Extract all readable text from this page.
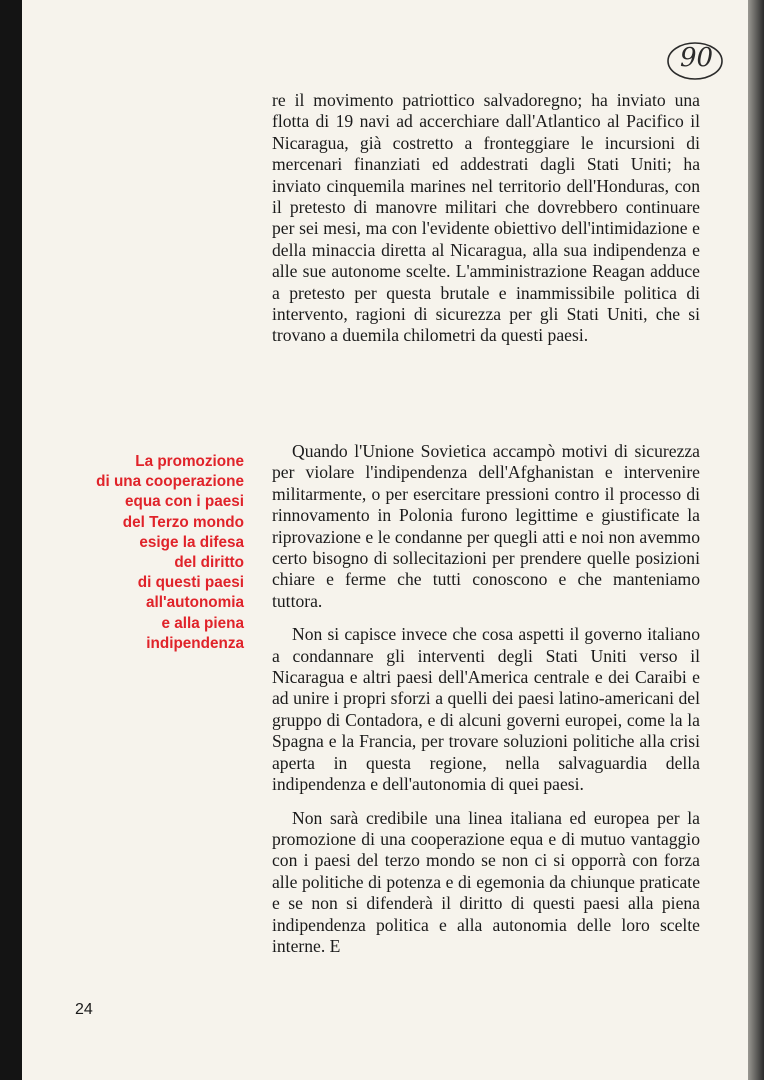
90

re il movimento patriottico salvadoregno; ha inviato una flotta di 19 navi ad accerchiare dall'Atlantico al Pacifico il Nicaragua, già costretto a fronteggiare le incursioni di mercenari finanziati ed addestrati dagli Stati Uniti; ha inviato cinquemila marines nel territorio dell'Honduras, con il pretesto di manovre militari che dovrebbero continuare per sei mesi, ma con l'evidente obiettivo dell'intimidazione e della minaccia diretta al Nicaragua, alla sua indipendenza e alle sue autonome scelte. L'amministrazione Reagan adduce a pretesto per questa brutale e inammissibile politica di intervento, ragioni di sicurezza per gli Stati Uniti, che si trovano a duemila chilometri da questi paesi.

La promozione
di una cooperazione
equa con i paesi
del Terzo mondo
esige la difesa
del diritto
di questi paesi
all'autonomia
e alla piena
indipendenza

Quando l'Unione Sovietica accampò motivi di sicurezza per violare l'indipendenza dell'Afghanistan e intervenire militarmente, o per esercitare pressioni contro il processo di rinnovamento in Polonia furono legittime e giustificate la riprovazione e le condanne per quegli atti e noi non avemmo certo bisogno di sollecitazioni per prendere quelle posizioni chiare e ferme che tutti conoscono e che manteniamo tuttora.

Non si capisce invece che cosa aspetti il governo italiano a condannare gli interventi degli Stati Uniti verso il Nicaragua e altri paesi dell'America centrale e dei Caraibi e ad unire i propri sforzi a quelli dei paesi latino-americani del gruppo di Contadora, e di alcuni governi europei, come la la Spagna e la Francia, per trovare soluzioni politiche alla crisi aperta in questa regione, nella salvaguardia della indipendenza e dell'autonomia di quei paesi.

Non sarà credibile una linea italiana ed europea per la promozione di una cooperazione equa e di mutuo vantaggio con i paesi del terzo mondo se non ci si opporrà con forza alle politiche di potenza e di egemonia da chiunque praticate e se non si difenderà il diritto di questi paesi alla piena indipendenza politica e alla autonomia delle loro scelte interne. E

24
